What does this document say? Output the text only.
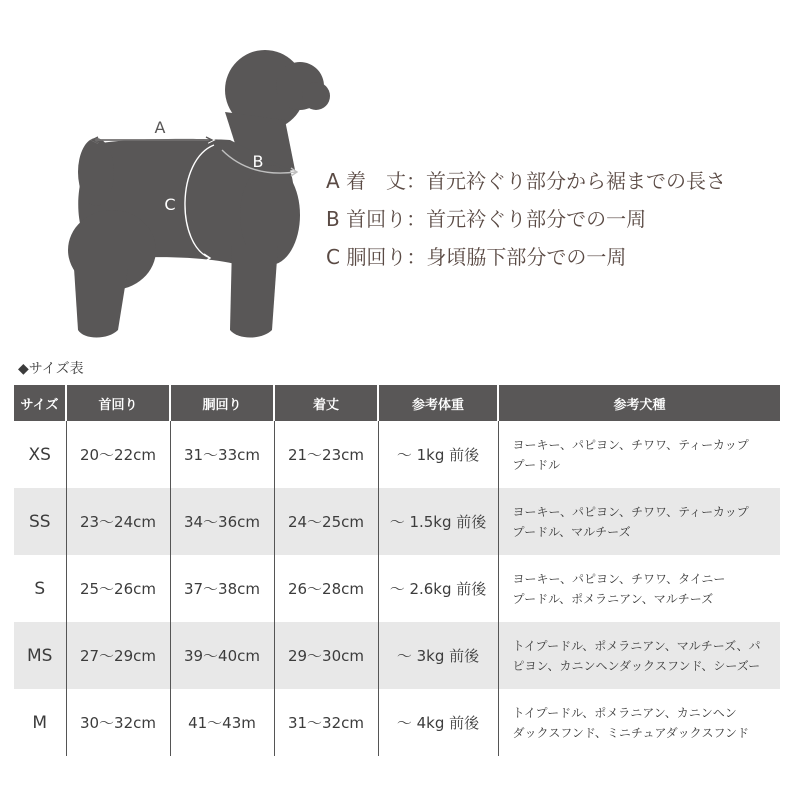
A
B
C
A 着　丈：首元衿ぐり部分から裾までの長さ
B 首回り：首元衿ぐり部分での一周
C 胴回り：身頃脇下部分での一周
◆サイズ表
サイズ	首回り	胴回り	着丈	参考体重	参考犬種
XS	20〜22cm	31〜33cm	21〜23cm	〜 1kg 前後	ヨーキー、パピヨン、チワワ、ティーカップ
プードル

SS	23〜24cm	34〜36cm	24〜25cm	〜 1.5kg 前後	ヨーキー、パピヨン、チワワ、ティーカップ
プードル、マルチーズ

S	25〜26cm	37〜38cm	26〜28cm	〜 2.6kg 前後	ヨーキー、パピヨン、チワワ、タイニー
プードル、ポメラニアン、マルチーズ

MS	27〜29cm	39〜40cm	29〜30cm	〜 3kg 前後	トイプードル、ポメラニアン、マルチーズ、パ
ピヨン、カニンヘンダックスフンド、シーズー

M	30〜32cm	41〜43m	31〜32cm	〜 4kg 前後	トイプードル、ポメラニアン、カニンヘン
ダックスフンド、ミニチュアダックスフンド
